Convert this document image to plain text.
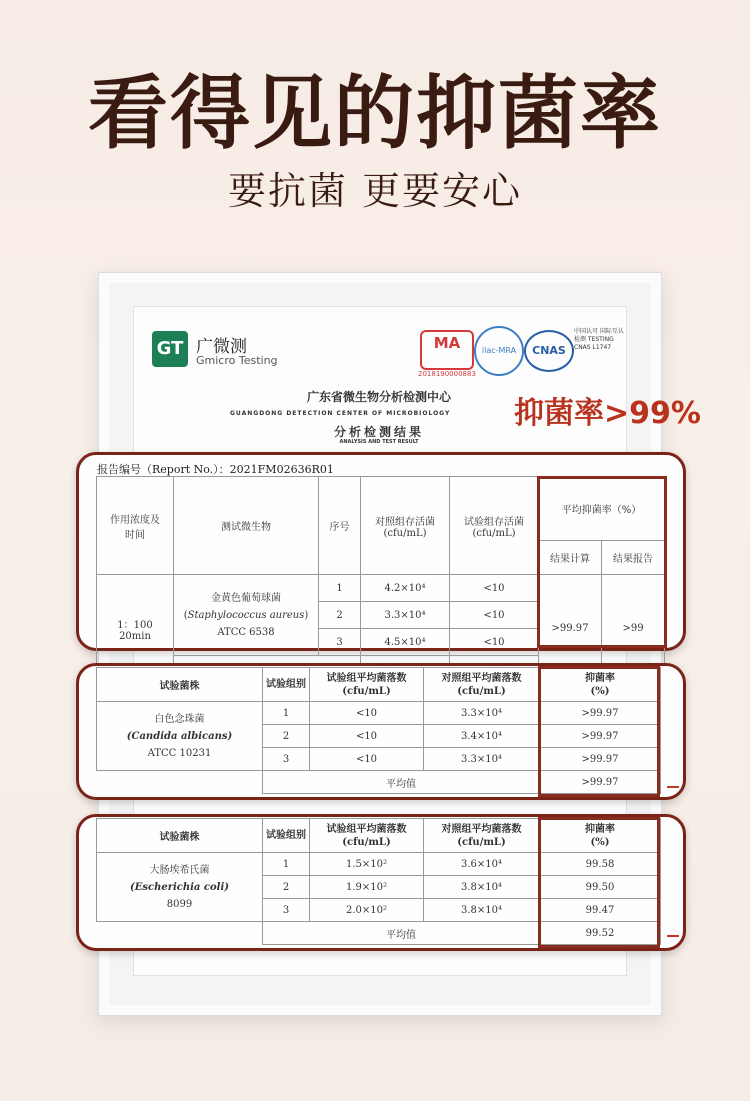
看得见的抑菌率
要抗菌 更要安心
GT 广微测
Gmicro Testing
MA
2018190000883
ilac-MRA	CNAS
中国认可 国际互认 检测 TESTING CNAS L1747
广东省微生物分析检测中心
GUANGDONG DETECTION CENTER OF MICROBIOLOGY
分析检测结果
ANALYSIS AND TEST RESULT
抑菌率>99%
报告编号（Report No.）：2021FM02636R01
作用浓度及时间	测试微生物	序号	对照组存活菌
(cfu/mL)	试验组存活菌
(cfu/mL)	平均抑菌率（%）	
					结果计算	结果报告
1：100
20min	金黄色葡萄球菌
(Staphylococcus aureus)
ATCC 6538	1	4.2×10⁴	<10	>99.97	>99
		2	3.3×10⁴	<10		
		3	4.5×10⁴	<10		

试验菌株	试验组别	试验组平均菌落数
(cfu/mL)	对照组平均菌落数
(cfu/mL)	抑菌率
(%)
白色念珠菌
(Candida albicans)
ATCC 10231	1	<10	3.3×10⁴	>99.97
	2	<10	3.4×10⁴	>99.97
	3	<10	3.3×10⁴	>99.97
	平均值			>99.97
试验菌株	试验组别	试验组平均菌落数
(cfu/mL)	对照组平均菌落数
(cfu/mL)	抑菌率
(%)
大肠埃希氏菌
(Escherichia coli)
8099	1	1.5×10²	3.6×10⁴	99.58
	2	1.9×10²	3.8×10⁴	99.50
	3	2.0×10²	3.8×10⁴	99.47
	平均值			99.52
